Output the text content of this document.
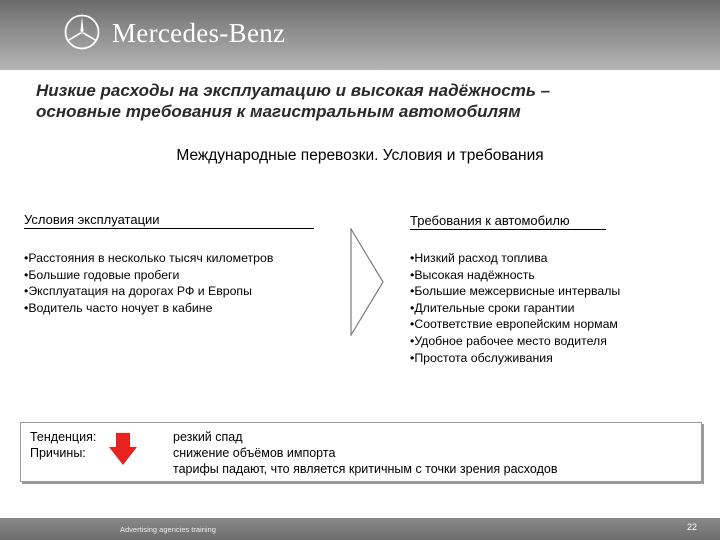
Mercedes-Benz
Низкие расходы на эксплуатацию и высокая надёжность –
основные требования к магистральным автомобилям
Международные перевозки. Условия и требования
Условия эксплуатации	Требования к автомобилю
• Расстояния в несколько тысяч километров
• Большие годовые пробеги
• Эксплуатация на дорогах РФ и Европы
• Водитель часто ночует в кабине
• Низкий расход топлива
• Высокая надёжность
• Большие межсервисные интервалы
• Длительные сроки гарантии
• Соответствие европейским нормам
• Удобное рабочее место водителя
• Простота обслуживания
Тенденция:
Причины:
резкий спад
снижение объёмов импорта
тарифы падают, что является критичным с точки зрения расходов
Advertising agencies training	22
